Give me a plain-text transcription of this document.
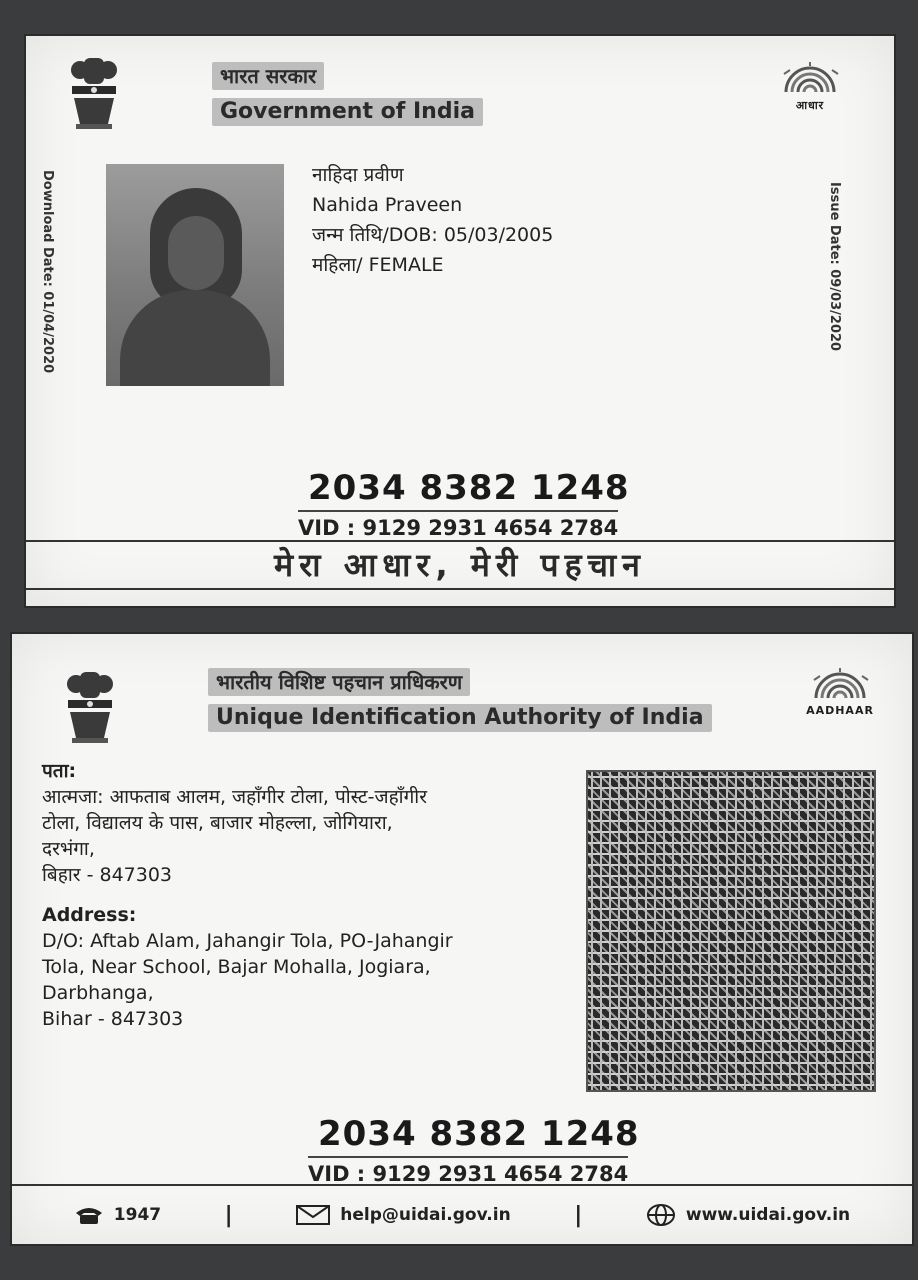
भारत सरकार
Government of India	आधार
Download Date: 01/04/2020	Issue Date: 09/03/2020
नाहिदा प्रवीण
Nahida Praveen
जन्म तिथि/DOB: 05/03/2005
महिला/ FEMALE
2034 8382 1248
VID : 9129 2931 4654 2784
मेरा आधार, मेरी पहचान
भारतीय विशिष्ट पहचान प्राधिकरण
Unique Identification Authority of India	AADHAAR
पता:
आत्मजा: आफताब आलम, जहाँगीर टोला, पोस्ट-जहाँगीर
टोला, विद्यालय के पास, बाजार मोहल्ला, जोगियारा,
दरभंगा,
बिहार - 847303
Address:
D/O: Aftab Alam, Jahangir Tola, PO-Jahangir
Tola, Near School, Bajar Mohalla, Jogiara,
Darbhanga,
Bihar - 847303
2034 8382 1248
VID : 9129 2931 4654 2784
1947	|	help@uidai.gov.in	|	www.uidai.gov.in
